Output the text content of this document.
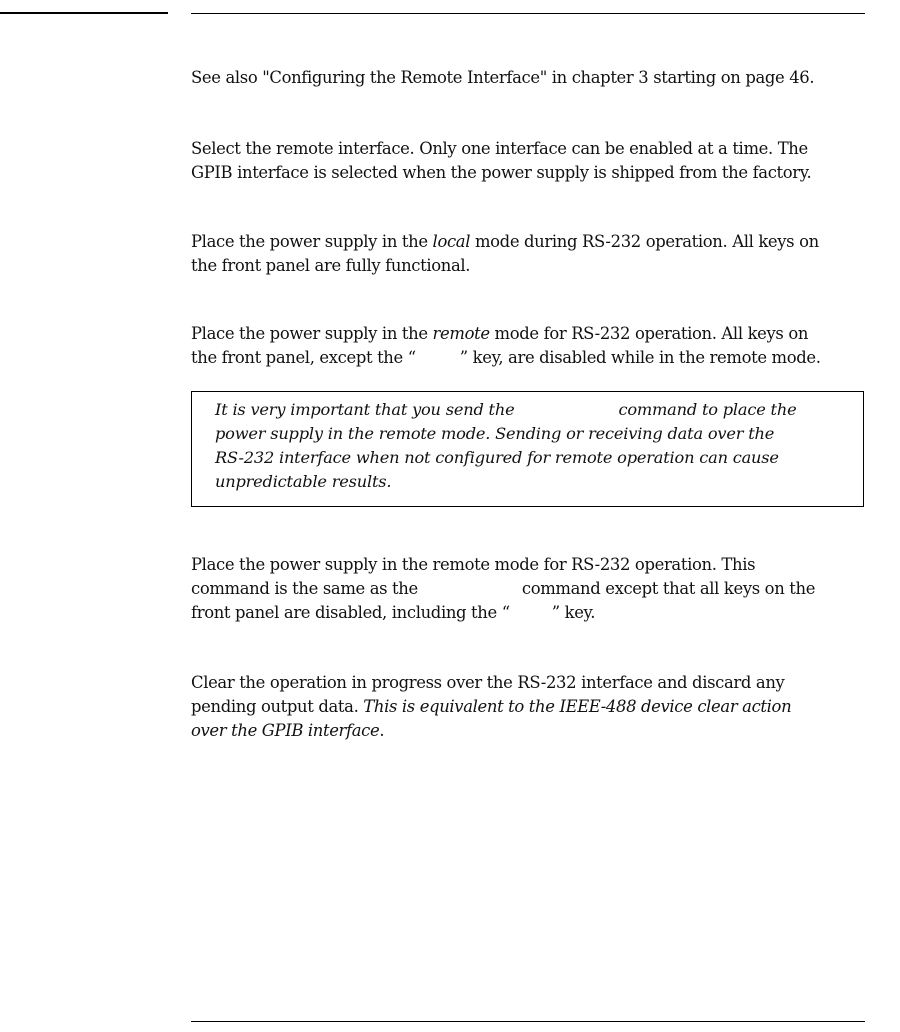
See also "Configuring the Remote Interface" in chapter 3 starting on page 46.

Select the remote interface. Only one interface can be enabled at a time. The
GPIB interface is selected when the power supply is shipped from the factory.

Place the power supply in the local mode during RS-232 operation. All keys on
the front panel are fully functional.

Place the power supply in the remote mode for RS-232 operation. All keys on
the front panel, except the “	” key, are disabled while in the remote mode.

It is very important that you send the	command to place the
power supply in the remote mode. Sending or receiving data over the
RS-232 interface when not configured for remote operation can cause
unpredictable results.

Place the power supply in the remote mode for RS-232 operation. This
command is the same as the	command except that all keys on the
front panel are disabled, including the “	” key.

Clear the operation in progress over the RS-232 interface and discard any
pending output data. This is equivalent to the IEEE-488 device clear action
over the GPIB interface.
